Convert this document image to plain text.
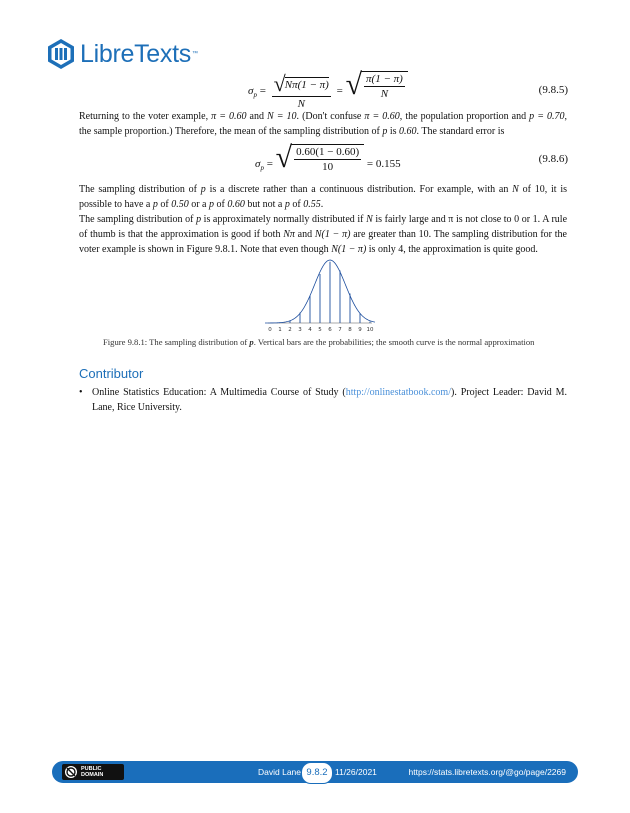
LibreTexts ™
$\sigma_p = \frac{√ N\pi(1 - \pi)}{N}$ = √ $\frac{\pi(1 - \pi)}{N}$	(9.8.5)

Returning to the voter example, π = 0.60 and N = 10. (Don't confuse π = 0.60, the population proportion and p = 0.70, the sample proportion.) Therefore, the mean of the sampling distribution of p is 0.60. The standard error is

$\sigma_p$ = √ $\frac{0.60(1 - 0.60)}{10} = 0.155$	(9.8.6)

The sampling distribution of p is a discrete rather than a continuous distribution. For example, with an N of 10, it is possible to have a p of 0.50 or a p of 0.60 but not a p of 0.55.

The sampling distribution of p is approximately normally distributed if N is fairly large and π is not close to 0 or 1. A rule of thumb is that the approximation is good if both Nπ and N(1 − π) are greater than 10. The sampling distribution for the voter example is shown in Figure 9.8.1. Note that even though N(1 − π) is only 4, the approximation is quite good.

0 1 2 3 4 5 6 7 8 9 10
Figure 9.8.1: The sampling distribution of p. Vertical bars are the probabilities; the smooth curve is the normal approximation
Contributor
• Online Statistics Education: A Multimedia Course of Study (http://onlinestatbook.com/). Project Leader: David M. Lane, Rice University.
PUBLIC
DOMAIN	David Lane 9.8.2 11/26/2021	https://stats.libretexts.org/@go/page/2269
